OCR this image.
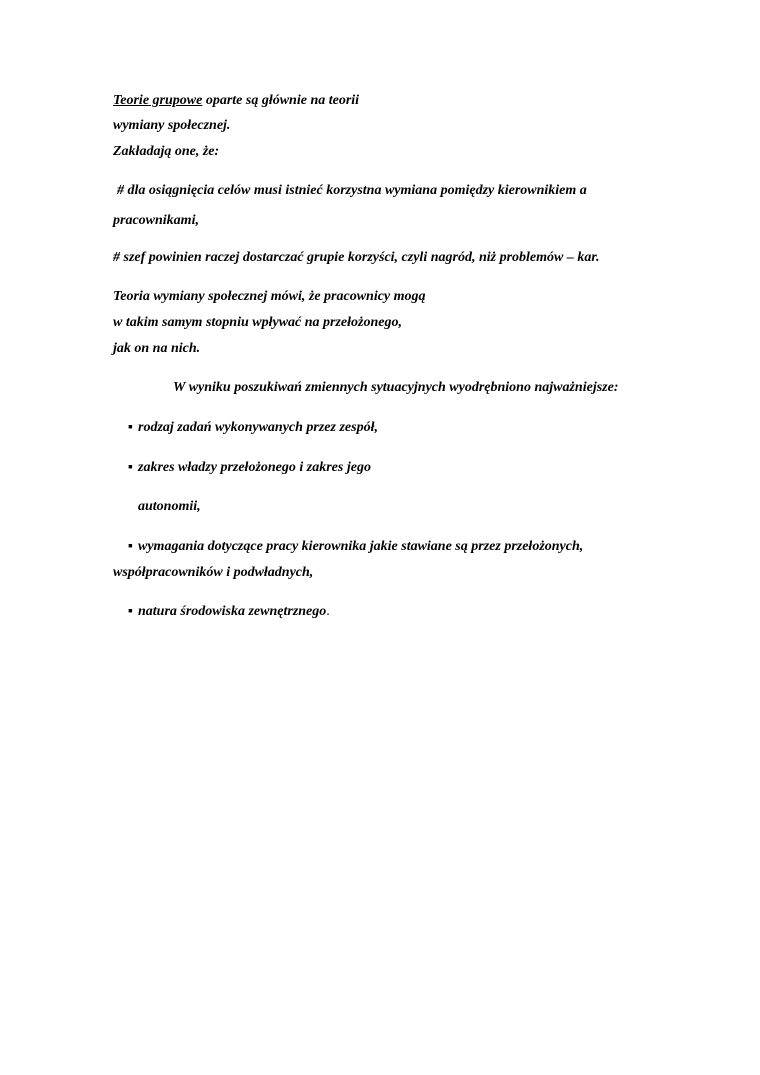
Teorie grupowe oparte są głównie na teorii
wymiany społecznej.
Zakładają one, że:
# dla osiągnięcia celów musi istnieć korzystna wymiana pomiędzy kierownikiem a
pracownikami,
# szef powinien raczej dostarczać grupie korzyści, czyli nagród, niż problemów – kar.
Teoria wymiany społecznej mówi, że pracownicy mogą
w takim samym stopniu wpływać na przełożonego,
jak on na nich.
W wyniku poszukiwań zmiennych sytuacyjnych wyodrębniono najważniejsze:
▪ rodzaj zadań wykonywanych przez zespół,
▪ zakres władzy przełożonego i zakres jego
autonomii,
▪ wymagania dotyczące pracy kierownika jakie stawiane są przez przełożonych,
współpracowników i podwładnych,
▪ natura środowiska zewnętrznego.
